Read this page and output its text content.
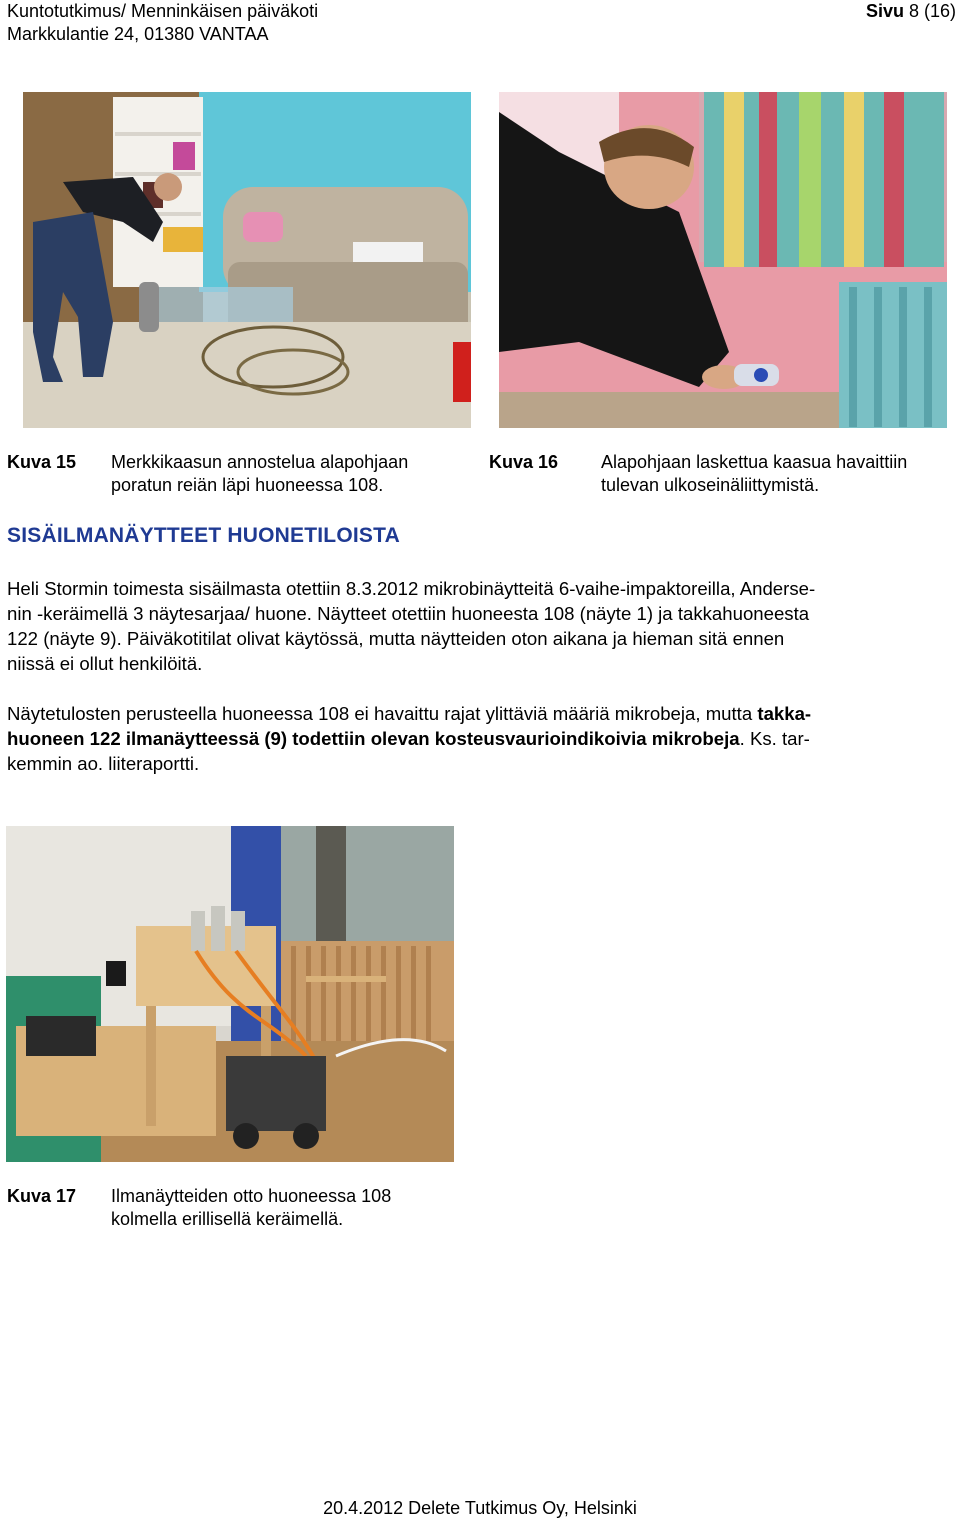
Kuntotutkimus/ Menninkäisen päiväkoti
Markkulantie 24, 01380 VANTAA
Sivu 8 (16)
Kuva 15 Merkkikaasun annostelua alapohjaan
poratun reiän läpi huoneessa 108.
Kuva 16 Alapohjaan laskettua kaasua havaittiin
tulevan ulkoseinäliittymistä.
SISÄILMANÄYTTEET HUONETILOISTA
Heli Stormin toimesta sisäilmasta otettiin 8.3.2012 mikrobinäytteitä 6-vaihe-impaktoreilla, Anderse-
nin -keräimellä 3 näytesarjaa/ huone. Näytteet otettiin huoneesta 108 (näyte 1) ja takkahuoneesta
122 (näyte 9). Päiväkotitilat olivat käytössä, mutta näytteiden oton aikana ja hieman sitä ennen
niissä ei ollut henkilöitä.
Näytetulosten perusteella huoneessa 108 ei havaittu rajat ylittäviä määriä mikrobeja, mutta takka-
huoneen 122 ilmanäytteessä (9) todettiin olevan kosteusvaurioindikoivia mikrobeja. Ks. tar-
kemmin ao. liiteraportti.
Kuva 17 Ilmanäytteiden otto huoneessa 108
kolmella erillisellä keräimellä.
20.4.2012 Delete Tutkimus Oy, Helsinki
